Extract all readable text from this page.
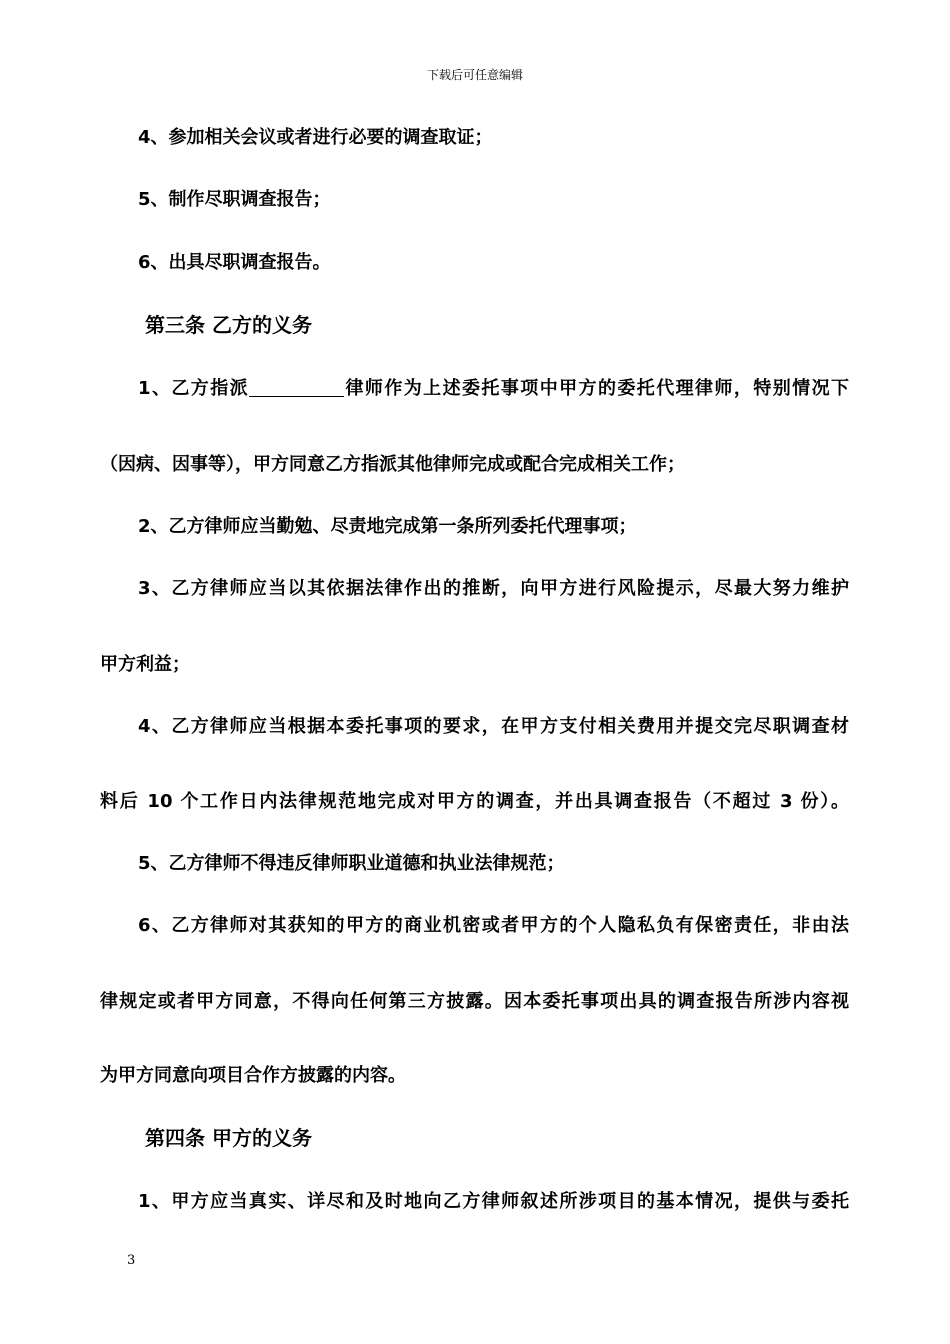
下载后可任意编辑
4、参加相关会议或者进行必要的调查取证；
5、制作尽职调查报告；
6、出具尽职调查报告。
第三条 乙方的义务
1、乙方指派	律师作为上述委托事项中甲方的委托代理律师，特别情况下
（因病、因事等），甲方同意乙方指派其他律师完成或配合完成相关工作；
2、乙方律师应当勤勉、尽责地完成第一条所列委托代理事项；
3、乙方律师应当以其依据法律作出的推断，向甲方进行风险提示，尽最大努力维护
甲方利益；
4、乙方律师应当根据本委托事项的要求，在甲方支付相关费用并提交完尽职调查材
料后 10 个工作日内法律规范地完成对甲方的调查，并出具调查报告（不超过 3 份）。
5、乙方律师不得违反律师职业道德和执业法律规范；
6、乙方律师对其获知的甲方的商业机密或者甲方的个人隐私负有保密责任，非由法
律规定或者甲方同意，不得向任何第三方披露。因本委托事项出具的调查报告所涉内容视
为甲方同意向项目合作方披露的内容。
第四条 甲方的义务
1、甲方应当真实、详尽和及时地向乙方律师叙述所涉项目的基本情况，提供与委托
3
